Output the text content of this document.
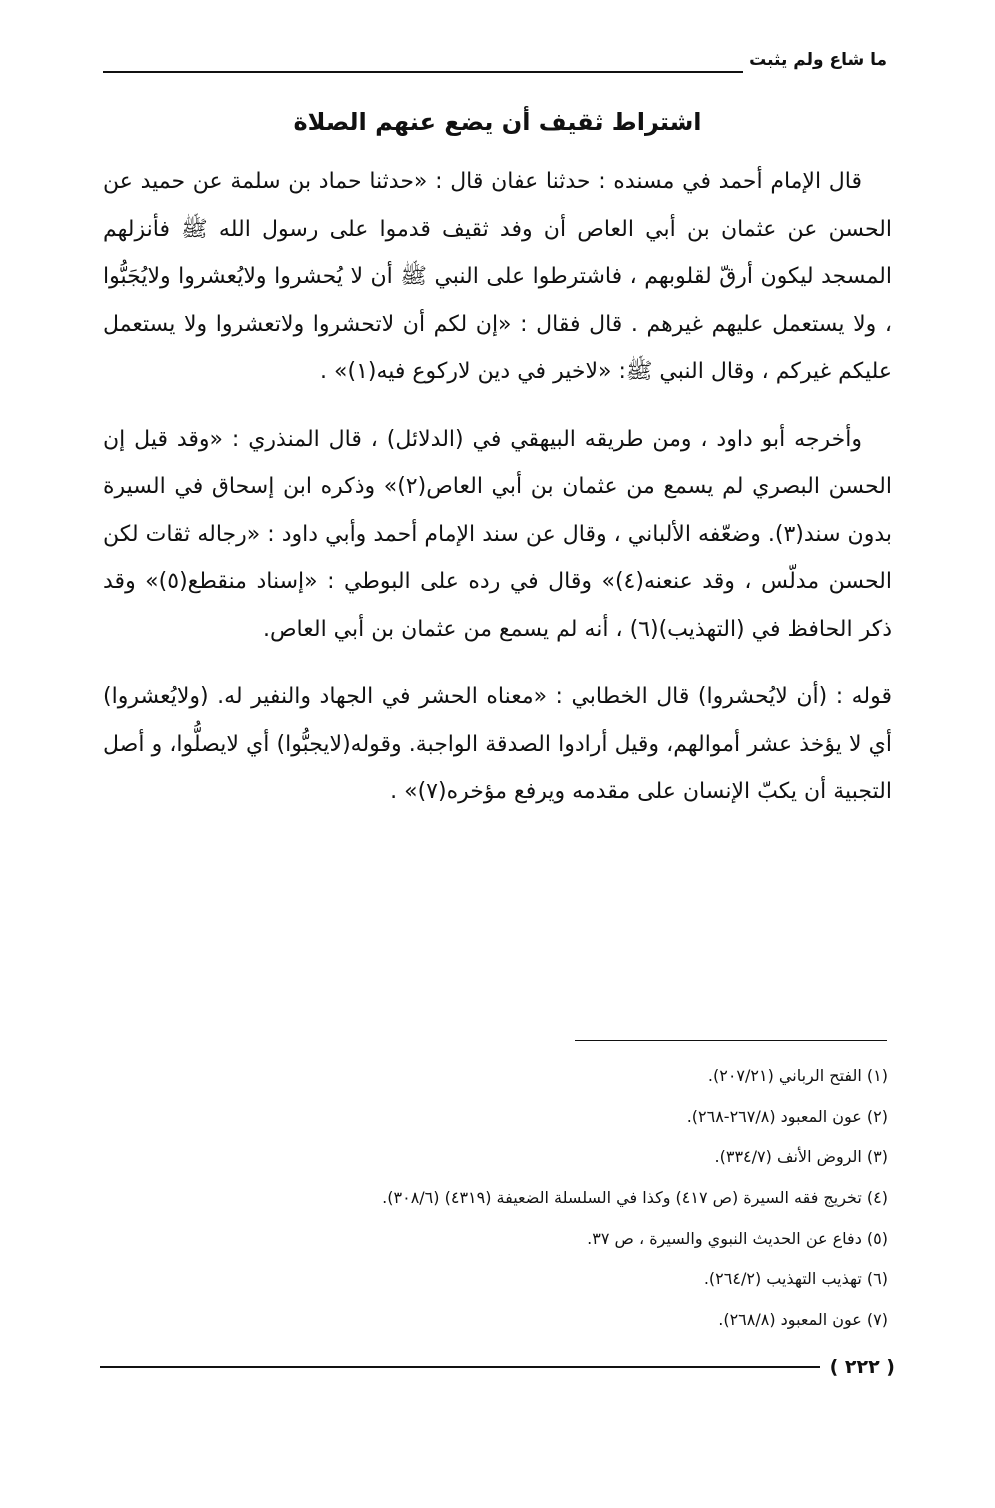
ما شاع ولم يثبت
اشتراط ثقيف أن يضع عنهم الصلاة

قال الإمام أحمد في مسنده : حدثنا عفان قال : «حدثنا حماد بن سلمة عن حميد عن الحسن عن عثمان بن أبي العاص أن وفد ثقيف قدموا على رسول الله ﷺ فأنزلهم المسجد ليكون أرقّ لقلوبهم ، فاشترطوا على النبي ﷺ أن لا يُحشروا ولايُعشروا ولايُجَبُّوا ، ولا يستعمل عليهم غيرهم . قال فقال : «إن لكم أن لاتحشروا ولاتعشروا ولا يستعمل عليكم غيركم ، وقال النبي ﷺ: «لاخير في دين لاركوع فيه(١)» .

وأخرجه أبو داود ، ومن طريقه البيهقي في (الدلائل) ، قال المنذري : «وقد قيل إن الحسن البصري لم يسمع من عثمان بن أبي العاص(٢)» وذكره ابن إسحاق في السيرة بدون سند(٣). وضعّفه الألباني ، وقال عن سند الإمام أحمد وأبي داود : «رجاله ثقات لكن الحسن مدلّس ، وقد عنعنه(٤)» وقال في رده على البوطي : «إسناد منقطع(٥)» وقد ذكر الحافظ في (التهذيب)(٦) ، أنه لم يسمع من عثمان بن أبي العاص.

قوله : (أن لايُحشروا) قال الخطابي : «معناه الحشر في الجهاد والنفير له. (ولايُعشروا) أي لا يؤخذ عشر أموالهم، وقيل أرادوا الصدقة الواجبة. وقوله(لايجبُّوا) أي لايصلُّوا، و أصل التجبية أن يكبّ الإنسان على مقدمه ويرفع مؤخره(٧)» .

(١) الفتح الرباني (٢٠٧/٢١).
(٢) عون المعبود (٢٦٧/٨-٢٦٨).
(٣) الروض الأنف (٣٣٤/٧).
(٤) تخريج فقه السيرة (ص ٤١٧) وكذا في السلسلة الضعيفة (٤٣١٩) (٣٠٨/٦).
(٥) دفاع عن الحديث النبوي والسيرة ، ص ٣٧.
(٦) تهذيب التهذيب (٢٦٤/٢).
(٧) عون المعبود (٢٦٨/٨).
( ٢٢٢ )
